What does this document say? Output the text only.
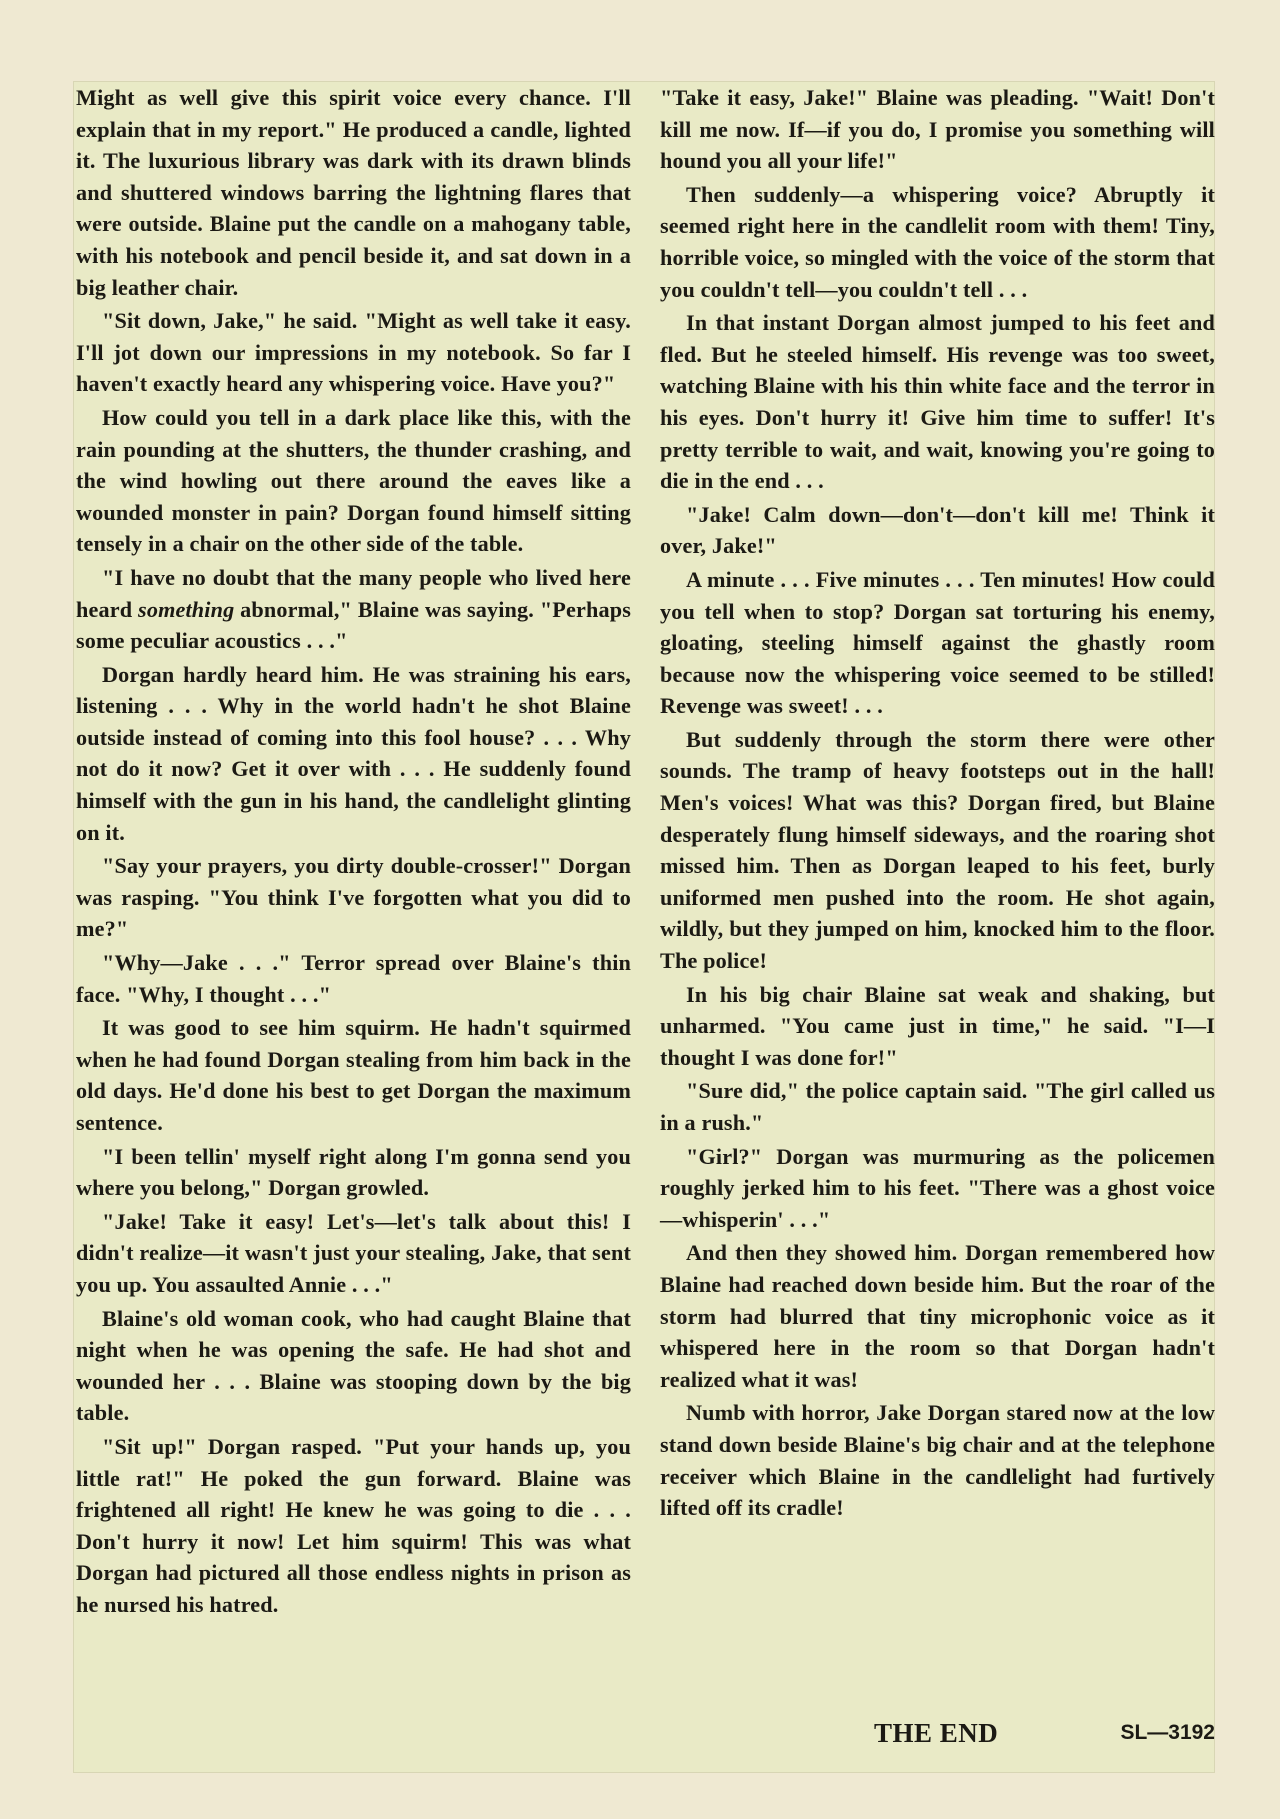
Might as well give this spirit voice every chance. I'll explain that in my report." He produced a candle, lighted it. The luxurious library was dark with its drawn blinds and shuttered windows barring the lightning flares that were outside. Blaine put the candle on a mahogany table, with his notebook and pencil beside it, and sat down in a big leather chair.

"Sit down, Jake," he said. "Might as well take it easy. I'll jot down our impressions in my notebook. So far I haven't exactly heard any whispering voice. Have you?"

How could you tell in a dark place like this, with the rain pounding at the shutters, the thunder crashing, and the wind howling out there around the eaves like a wounded monster in pain? Dorgan found himself sitting tensely in a chair on the other side of the table.

"I have no doubt that the many people who lived here heard something abnormal," Blaine was saying. "Perhaps some peculiar acoustics . . ."

Dorgan hardly heard him. He was straining his ears, listening . . . Why in the world hadn't he shot Blaine outside instead of coming into this fool house? . . . Why not do it now? Get it over with . . . He suddenly found himself with the gun in his hand, the candlelight glinting on it.

"Say your prayers, you dirty double-crosser!" Dorgan was rasping. "You think I've forgotten what you did to me?"

"Why—Jake . . ." Terror spread over Blaine's thin face. "Why, I thought . . ."

It was good to see him squirm. He hadn't squirmed when he had found Dorgan stealing from him back in the old days. He'd done his best to get Dorgan the maximum sentence.

"I been tellin' myself right along I'm gonna send you where you belong," Dorgan growled.

"Jake! Take it easy! Let's—let's talk about this! I didn't realize—it wasn't just your stealing, Jake, that sent you up. You assaulted Annie . . ."

Blaine's old woman cook, who had caught Blaine that night when he was opening the safe. He had shot and wounded her . . . Blaine was stooping down by the big table.

"Sit up!" Dorgan rasped. "Put your hands up, you little rat!" He poked the gun forward. Blaine was frightened all right! He knew he was going to die . . . Don't hurry it now! Let him squirm! This was what Dorgan had pictured all those endless nights in prison as he nursed his hatred.

"Take it easy, Jake!" Blaine was pleading. "Wait! Don't kill me now. If—if you do, I promise you something will hound you all your life!"

Then suddenly—a whispering voice? Abruptly it seemed right here in the candlelit room with them! Tiny, horrible voice, so mingled with the voice of the storm that you couldn't tell—you couldn't tell . . .

In that instant Dorgan almost jumped to his feet and fled. But he steeled himself. His revenge was too sweet, watching Blaine with his thin white face and the terror in his eyes. Don't hurry it! Give him time to suffer! It's pretty terrible to wait, and wait, knowing you're going to die in the end . . .

"Jake! Calm down—don't—don't kill me! Think it over, Jake!"

A minute . . . Five minutes . . . Ten minutes! How could you tell when to stop? Dorgan sat torturing his enemy, gloating, steeling himself against the ghastly room because now the whispering voice seemed to be stilled! Revenge was sweet! . . .

But suddenly through the storm there were other sounds. The tramp of heavy footsteps out in the hall! Men's voices! What was this? Dorgan fired, but Blaine desperately flung himself sideways, and the roaring shot missed him. Then as Dorgan leaped to his feet, burly uniformed men pushed into the room. He shot again, wildly, but they jumped on him, knocked him to the floor. The police!

In his big chair Blaine sat weak and shaking, but unharmed. "You came just in time," he said. "I—I thought I was done for!"

"Sure did," the police captain said. "The girl called us in a rush."

"Girl?" Dorgan was murmuring as the policemen roughly jerked him to his feet. "There was a ghost voice—whisperin' . . ."

And then they showed him. Dorgan remembered how Blaine had reached down beside him. But the roar of the storm had blurred that tiny microphonic voice as it whispered here in the room so that Dorgan hadn't realized what it was!

Numb with horror, Jake Dorgan stared now at the low stand down beside Blaine's big chair and at the telephone receiver which Blaine in the candlelight had furtively lifted off its cradle!

THE END	SL—3192
